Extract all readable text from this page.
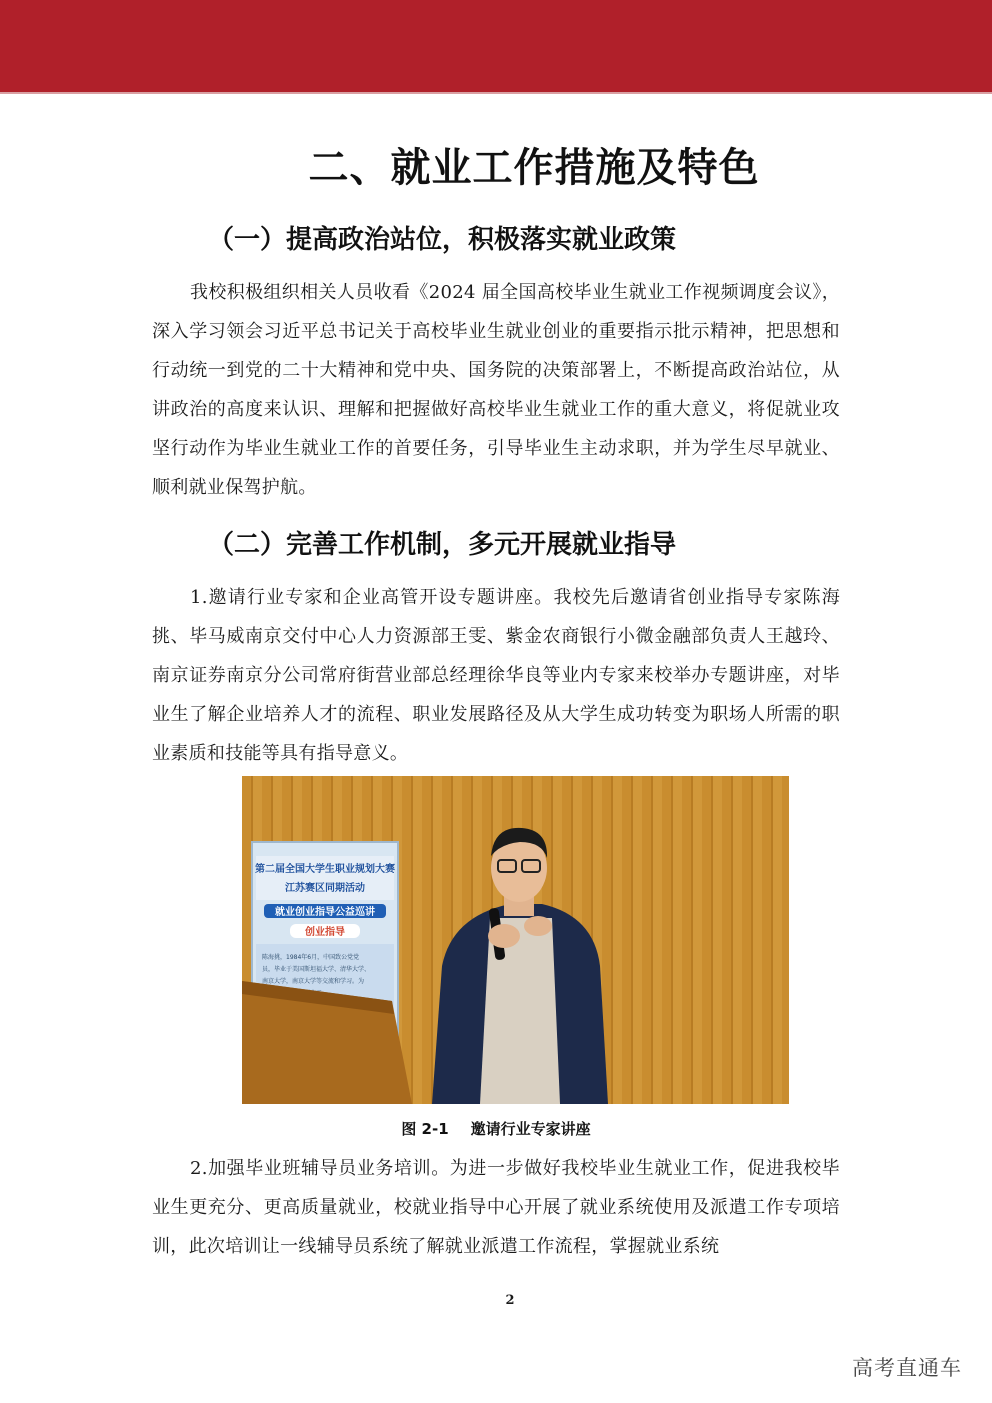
二、就业工作措施及特色
（一）提高政治站位，积极落实就业政策

我校积极组织相关人员收看《2024 届全国高校毕业生就业工作视频调度会议》，深入学习领会习近平总书记关于高校毕业生就业创业的重要指示批示精神，把思想和行动统一到党的二十大精神和党中央、国务院的决策部署上，不断提高政治站位，从讲政治的高度来认识、理解和把握做好高校毕业生就业工作的重大意义，将促就业攻坚行动作为毕业生就业工作的首要任务，引导毕业生主动求职，并为学生尽早就业、顺利就业保驾护航。

（二）完善工作机制，多元开展就业指导

1.邀请行业专家和企业高管开设专题讲座。我校先后邀请省创业指导专家陈海挑、毕马威南京交付中心人力资源部王雯、紫金农商银行小微金融部负责人王越玲、南京证券南京分公司常府街营业部总经理徐华良等业内专家来校举办专题讲座，对毕业生了解企业培养人才的流程、职业发展路径及从大学生成功转变为职场人所需的职业素质和技能等具有指导意义。

第二届全国大学生职业规划大赛
江苏赛区同期活动
就业创业指导公益巡讲
创业指导
陈海挑，1984年6月，中国致公党党
员，毕业于美国斯坦福大学、清华大学、
南京大学，南京大学等交流和学习。为
图 2-1 邀请行业专家讲座

2.加强毕业班辅导员业务培训。为进一步做好我校毕业生就业工作，促进我校毕业生更充分、更高质量就业，校就业指导中心开展了就业系统使用及派遣工作专项培训，此次培训让一线辅导员系统了解就业派遣工作流程，掌握就业系统

2
高考直通车
